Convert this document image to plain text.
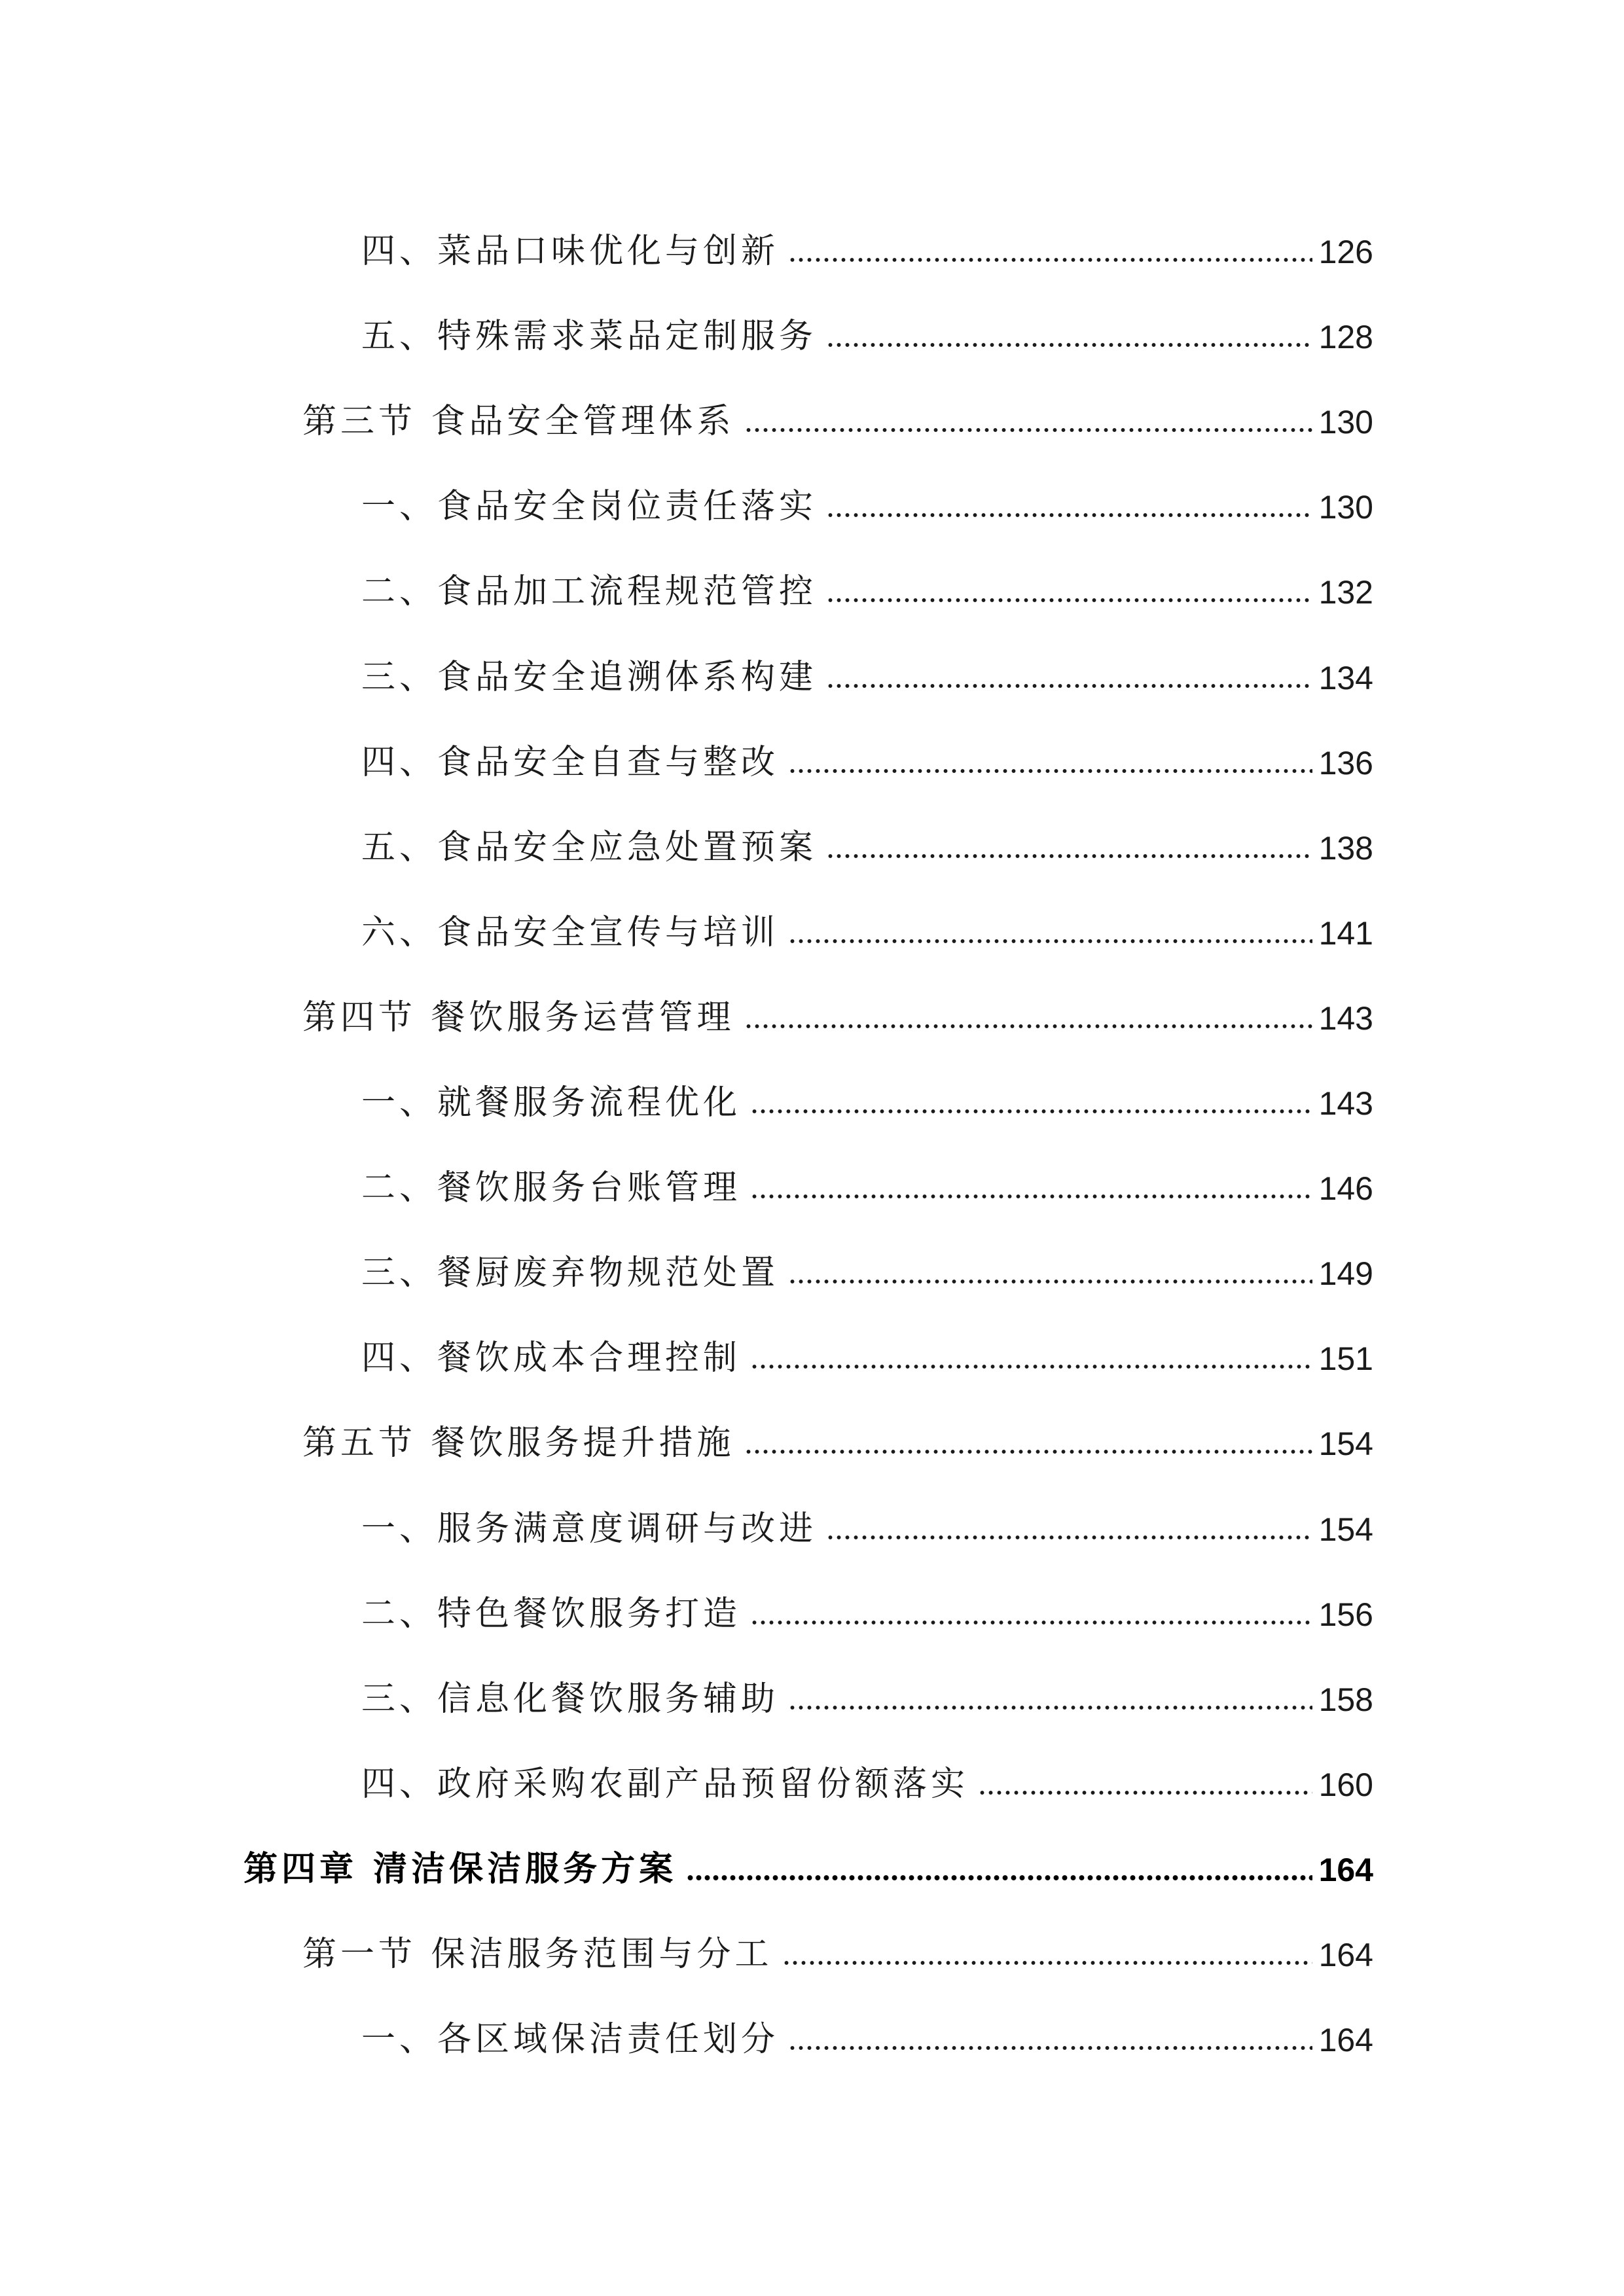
四、菜品口味优化与创新	126
五、特殊需求菜品定制服务	128
第三节 食品安全管理体系	130
一、食品安全岗位责任落实	130
二、食品加工流程规范管控	132
三、食品安全追溯体系构建	134
四、食品安全自查与整改	136
五、食品安全应急处置预案	138
六、食品安全宣传与培训	141
第四节 餐饮服务运营管理	143
一、就餐服务流程优化	143
二、餐饮服务台账管理	146
三、餐厨废弃物规范处置	149
四、餐饮成本合理控制	151
第五节 餐饮服务提升措施	154
一、服务满意度调研与改进	154
二、特色餐饮服务打造	156
三、信息化餐饮服务辅助	158
四、政府采购农副产品预留份额落实	160
第四章 清洁保洁服务方案	164
第一节 保洁服务范围与分工	164
一、各区域保洁责任划分	164
